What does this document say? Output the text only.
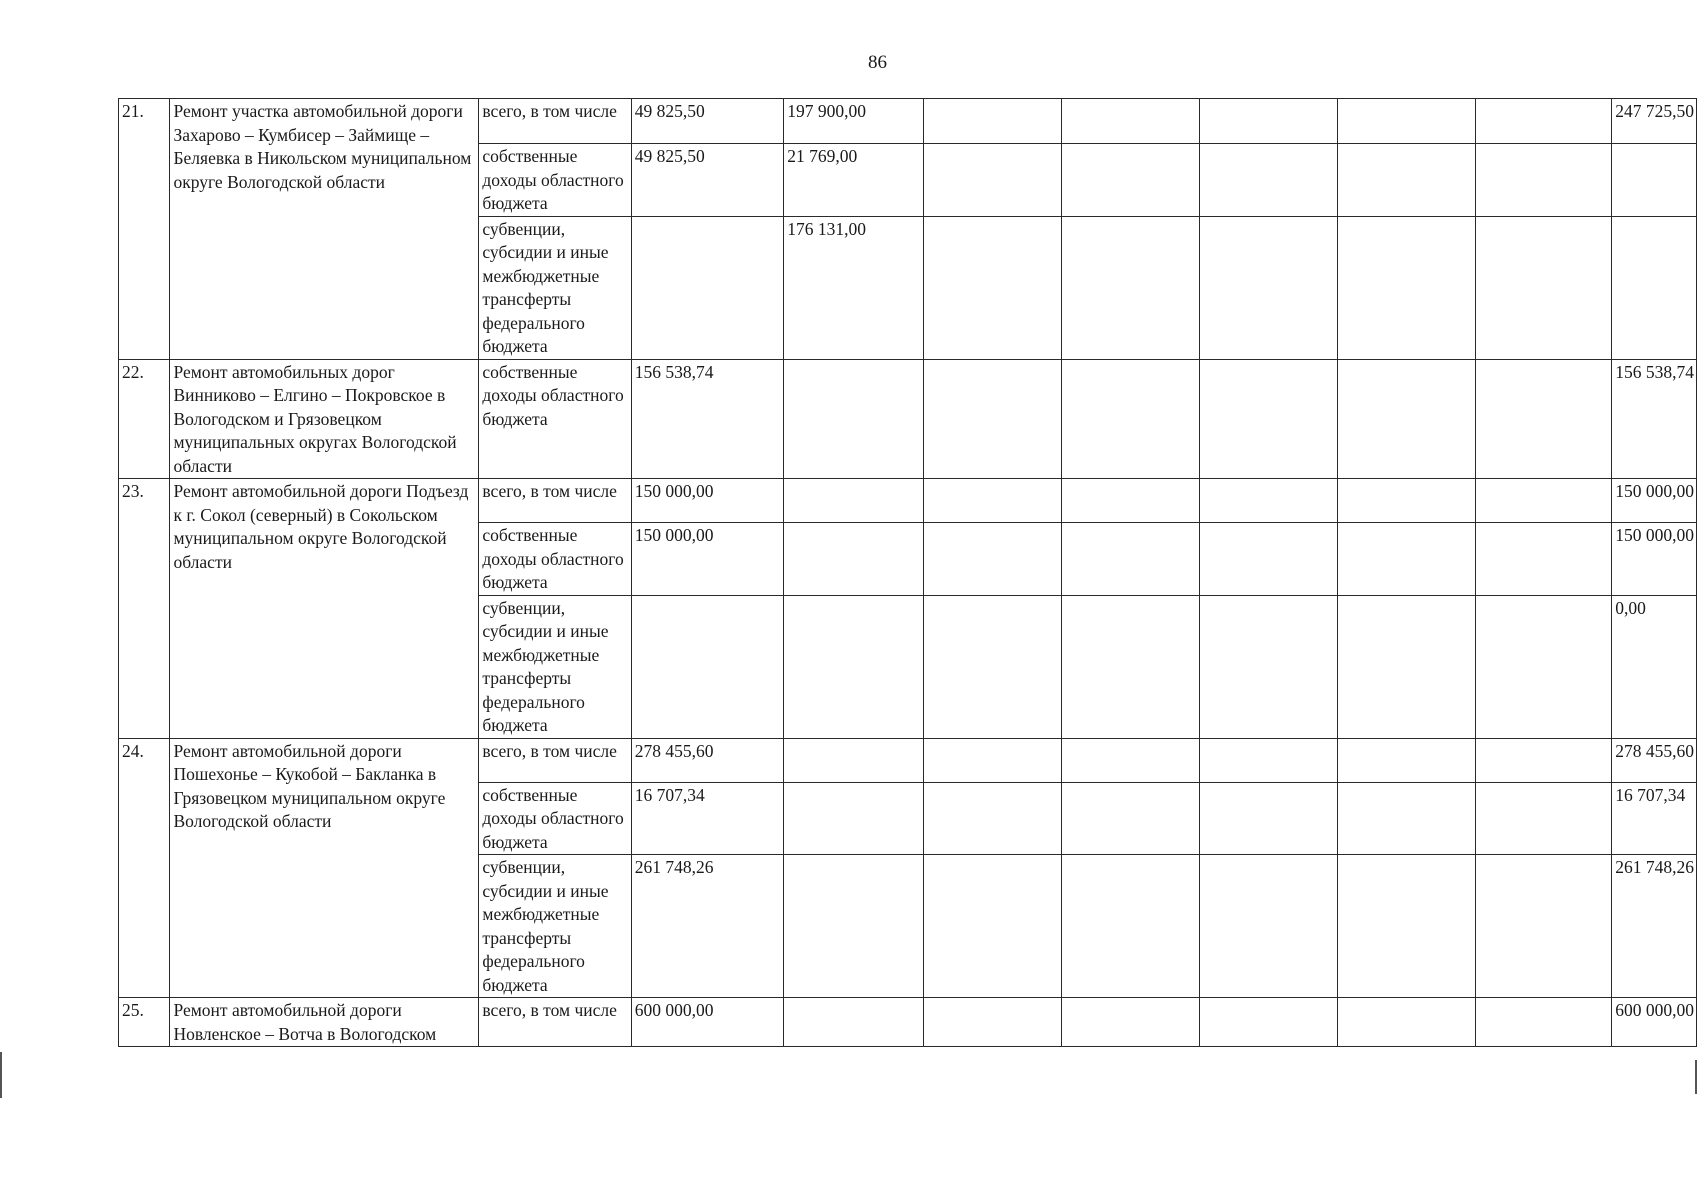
86
21.	Ремонт участка автомобильной дороги Захарово – Кумбисер – Займище – Беляевка в Никольском муниципальном округе Вологодской области	всего, в том числе	49 825,50	197 900,00						247 725,50
		собственные доходы областного бюджета	49 825,50	21 769,00						
		субвенции, субсидии и иные межбюджетные трансферты федерального бюджета		176 131,00						
22.	Ремонт автомобильных дорог Винниково – Елгино – Покровское в Вологодском и Грязовецком муниципальных округах Вологодской области	собственные доходы областного бюджета	156 538,74							156 538,74
23.	Ремонт автомобильной дороги Подъезд к г. Сокол (северный) в Сокольском муниципальном округе Вологодской области	всего, в том числе	150 000,00							150 000,00
		собственные доходы областного бюджета	150 000,00							150 000,00
		субвенции, субсидии и иные межбюджетные трансферты федерального бюджета								0,00
24.	Ремонт автомобильной дороги Пошехонье – Кукобой – Бакланка в Грязовецком муниципальном округе Вологодской области	всего, в том числе	278 455,60							278 455,60
		собственные доходы областного бюджета	16 707,34							16 707,34
		субвенции, субсидии и иные межбюджетные трансферты федерального бюджета	261 748,26							261 748,26
25.	Ремонт автомобильной дороги Новленское – Вотча в Вологодском	всего, в том числе	600 000,00							600 000,00
